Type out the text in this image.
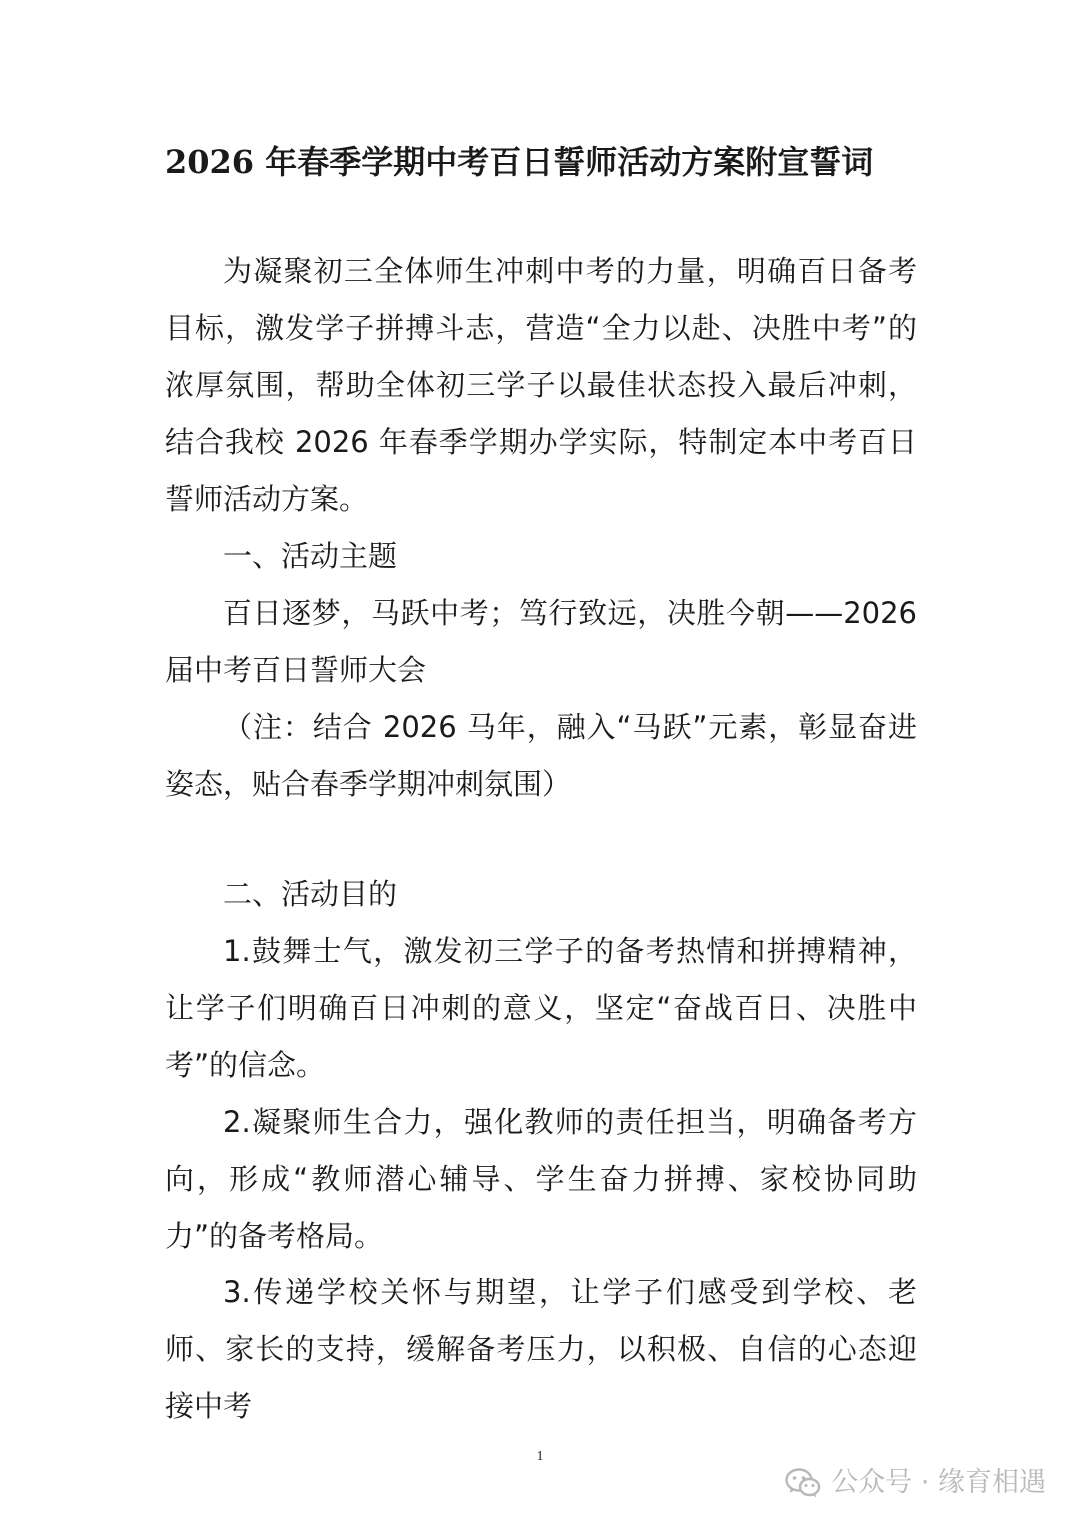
2026 年春季学期中考百日誓师活动方案附宣誓词
为凝聚初三全体师生冲刺中考的力量，明确百日备考目标，激发学子拼搏斗志，营造“全力以赴、决胜中考”的浓厚氛围，帮助全体初三学子以最佳状态投入最后冲刺，结合我校 2026 年春季学期办学实际，特制定本中考百日誓师活动方案。
一、活动主题
百日逐梦，马跃中考；笃行致远，决胜今朝——2026 届中考百日誓师大会
（注：结合 2026 马年，融入“马跃”元素，彰显奋进姿态，贴合春季学期冲刺氛围）
二、活动目的
1.鼓舞士气，激发初三学子的备考热情和拼搏精神，让学子们明确百日冲刺的意义，坚定“奋战百日、决胜中考”的信念。
2.凝聚师生合力，强化教师的责任担当，明确备考方向，形成“教师潜心辅导、学生奋力拼搏、家校协同助力”的备考格局。
3.传递学校关怀与期望，让学子们感受到学校、老师、家长的支持，缓解备考压力，以积极、自信的心态迎接中考
1
公众号 · 缘育相遇
